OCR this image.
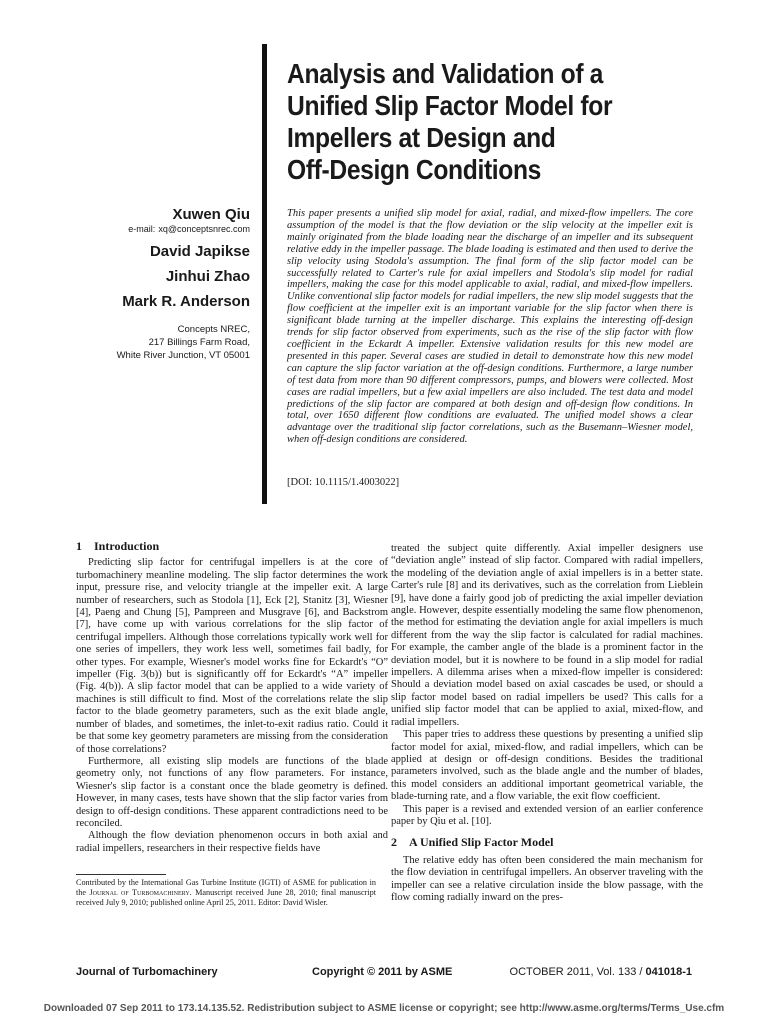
Analysis and Validation of a
Unified Slip Factor Model for
Impellers at Design and
Off-Design Conditions
Xuwen Qiu
e-mail: xq@conceptsnrec.com
David Japikse
Jinhui Zhao
Mark R. Anderson
Concepts NREC,
217 Billings Farm Road,
White River Junction, VT 05001
This paper presents a unified slip model for axial, radial, and mixed-flow impellers. The core assumption of the model is that the flow deviation or the slip velocity at the impeller exit is mainly originated from the blade loading near the discharge of an impeller and its subsequent relative eddy in the impeller passage. The blade loading is estimated and then used to derive the slip velocity using Stodola's assumption. The final form of the slip factor model can be successfully related to Carter's rule for axial impellers and Stodola's slip model for radial impellers, making the case for this model applicable to axial, radial, and mixed-flow impellers. Unlike conventional slip factor models for radial impellers, the new slip model suggests that the flow coefficient at the impeller exit is an important variable for the slip factor when there is significant blade turning at the impeller discharge. This explains the interesting off-design trends for slip factor observed from experiments, such as the rise of the slip factor with flow coefficient in the Eckardt A impeller. Extensive validation results for this new model are presented in this paper. Several cases are studied in detail to demonstrate how this new model can capture the slip factor variation at the off-design conditions. Furthermore, a large number of test data from more than 90 different compressors, pumps, and blowers were collected. Most cases are radial impellers, but a few axial impellers are also included. The test data and model predictions of the slip factor are compared at both design and off-design flow conditions. In total, over 1650 different flow conditions are evaluated. The unified model shows a clear advantage over the traditional slip factor correlations, such as the Busemann–Wiesner model, when off-design conditions are considered.
[DOI: 10.1115/1.4003022]
1 Introduction

Predicting slip factor for centrifugal impellers is at the core of turbomachinery meanline modeling. The slip factor determines the work input, pressure rise, and velocity triangle at the impeller exit. A large number of researchers, such as Stodola [1], Eck [2], Stanitz [3], Wiesner [4], Paeng and Chung [5], Pampreen and Musgrave [6], and Backstrom [7], have come up with various correlations for the slip factor of centrifugal impellers. Although those correlations typically work well for one series of impellers, they work less well, sometimes fail badly, for other types. For example, Wiesner's model works fine for Eckardt's “O” impeller (Fig. 3(b)) but is significantly off for Eckardt's “A” impeller (Fig. 4(b)). A slip factor model that can be applied to a wide variety of machines is still difficult to find. Most of the correlations relate the slip factor to the blade geometry parameters, such as the exit blade angle, number of blades, and sometimes, the inlet-to-exit radius ratio. Could it be that some key geometry parameters are missing from the consideration of those correlations?

Furthermore, all existing slip models are functions of the blade geometry only, not functions of any flow parameters. For instance, Wiesner's slip factor is a constant once the blade geometry is defined. However, in many cases, tests have shown that the slip factor varies from design to off-design conditions. These apparent contradictions need to be reconciled.

Although the flow deviation phenomenon occurs in both axial and radial impellers, researchers in their respective fields have

treated the subject quite differently. Axial impeller designers use “deviation angle” instead of slip factor. Compared with radial impellers, the modeling of the deviation angle of axial impellers is in a better state. Carter's rule [8] and its derivatives, such as the correlation from Lieblein [9], have done a fairly good job of predicting the axial impeller deviation angle. However, despite essentially modeling the same flow phenomenon, the method for estimating the deviation angle for axial impellers is much different from the way the slip factor is calculated for radial machines. For example, the camber angle of the blade is a prominent factor in the deviation model, but it is nowhere to be found in a slip model for radial impellers. A dilemma arises when a mixed-flow impeller is considered: Should a deviation model based on axial cascades be used, or should a slip factor model based on radial impellers be used? This calls for a unified slip factor model that can be applied to axial, mixed-flow, and radial impellers.

This paper tries to address these questions by presenting a unified slip factor model for axial, mixed-flow, and radial impellers, which can be applied at design or off-design conditions. Besides the traditional parameters involved, such as the blade angle and the number of blades, this model considers an additional important geometrical variable, the blade-turning rate, and a flow variable, the exit flow coefficient.

This paper is a revised and extended version of an earlier conference paper by Qiu et al. [10].

2 A Unified Slip Factor Model

The relative eddy has often been considered the main mechanism for the flow deviation in centrifugal impellers. An observer traveling with the impeller can see a relative circulation inside the blow passage, with the flow coming radially inward on the pres-

Contributed by the International Gas Turbine Institute (IGTI) of ASME for publication in the Journal of Turbomachinery. Manuscript received June 28, 2010; final manuscript received July 9, 2010; published online April 25, 2011. Editor: David Wisler.
Journal of Turbomachinery	Copyright © 2011 by ASME	OCTOBER 2011, Vol. 133 / 041018-1
Downloaded 07 Sep 2011 to 173.14.135.52. Redistribution subject to ASME license or copyright; see http://www.asme.org/terms/Terms_Use.cfm
